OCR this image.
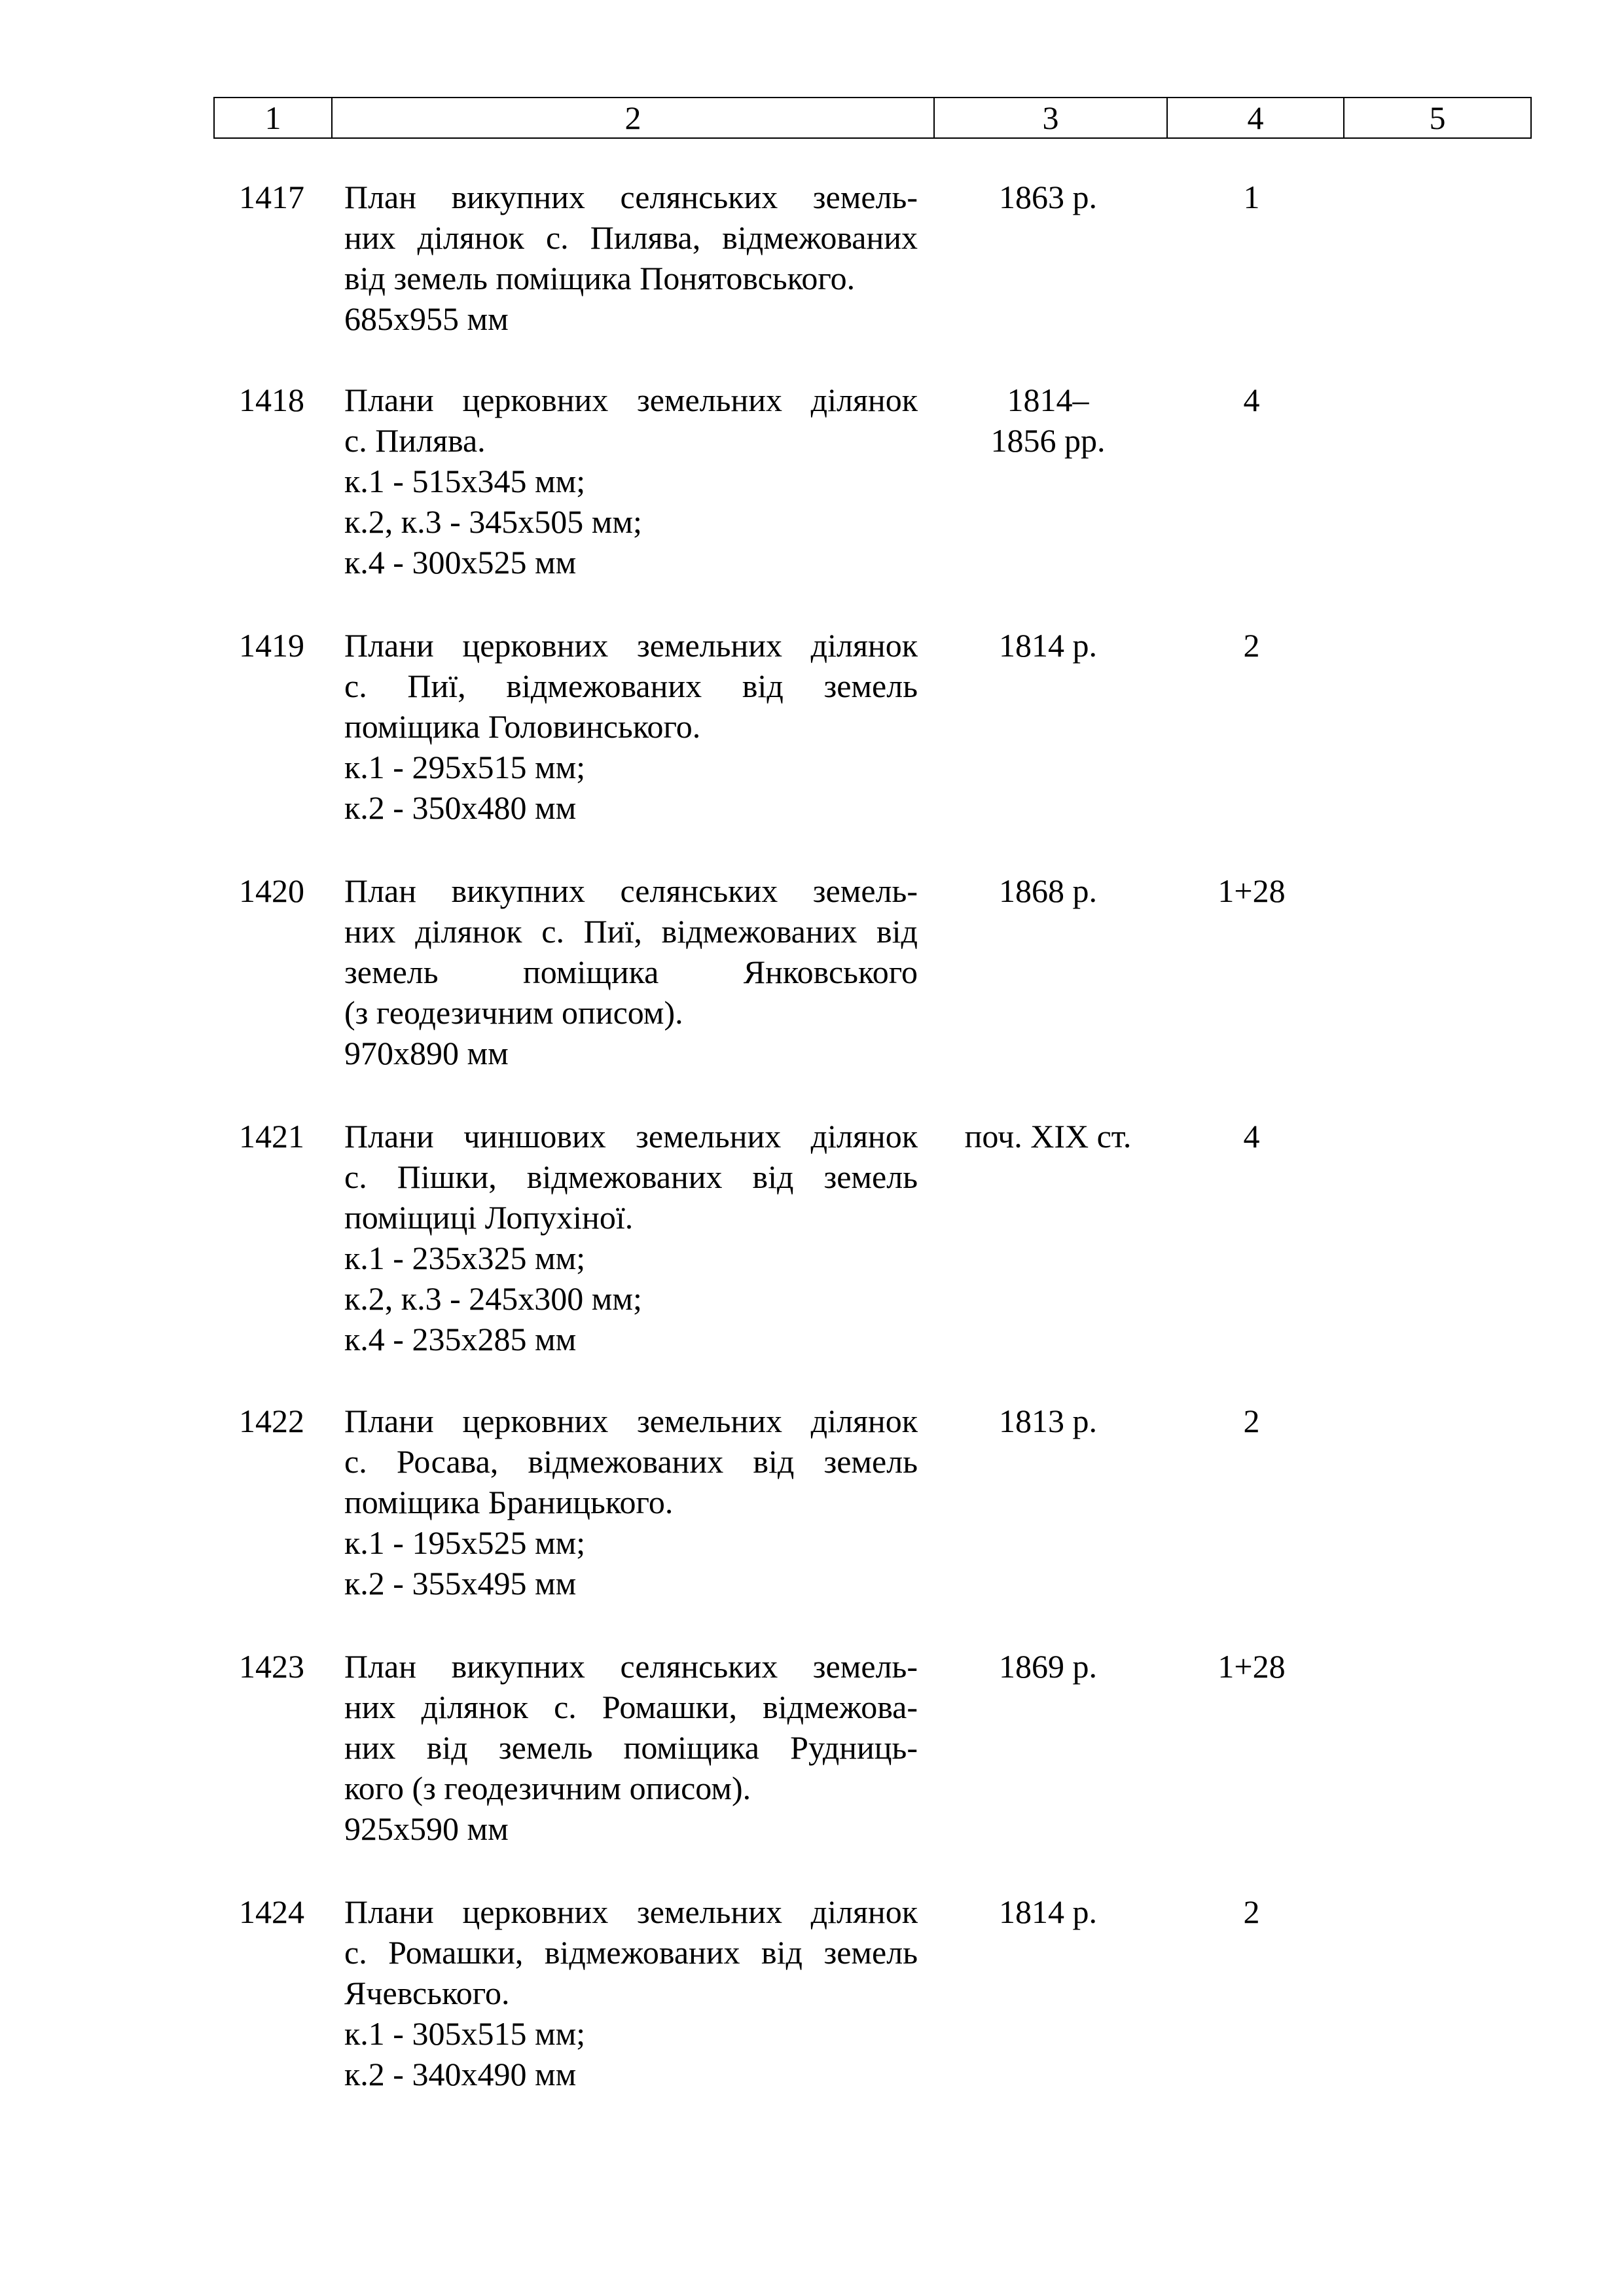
1	2	3	4	5
1417	План викупних селянських земель-
них ділянок с. Пилява, відмежованих
від земель поміщика Понятовського.
685x955 мм
1863 р.	1
1418	Плани церковних земельних ділянок
с. Пилява.
к.1 - 515x345 мм;
к.2, к.3 - 345x505 мм;
к.4 - 300x525 мм
1814–
1856 рр.
4
1419	Плани церковних земельних ділянок
с. Пиї, відмежованих від земель
поміщика Головинського.
к.1 - 295x515 мм;
к.2 - 350x480 мм
1814 р.	2
1420	План викупних селянських земель-
них ділянок с. Пиї, відмежованих від
земель поміщика Янковського
(з геодезичним описом).
970x890 мм
1868 р.	1+28
1421	Плани чиншових земельних ділянок
с. Пішки, відмежованих від земель
поміщиці Лопухіної.
к.1 - 235x325 мм;
к.2, к.3 - 245x300 мм;
к.4 - 235x285 мм
поч. ХІХ ст.	4
1422	Плани церковних земельних ділянок
с. Росава, відмежованих від земель
поміщика Браницького.
к.1 - 195x525 мм;
к.2 - 355x495 мм
1813 р.	2
1423	План викупних селянських земель-
них ділянок с. Ромашки, відмежова-
них від земель поміщика Рудниць-
кого (з геодезичним описом).
925x590 мм
1869 р.	1+28
1424	Плани церковних земельних ділянок
с. Ромашки, відмежованих від земель
Ячевського.
к.1 - 305x515 мм;
к.2 - 340x490 мм
1814 р.	2
